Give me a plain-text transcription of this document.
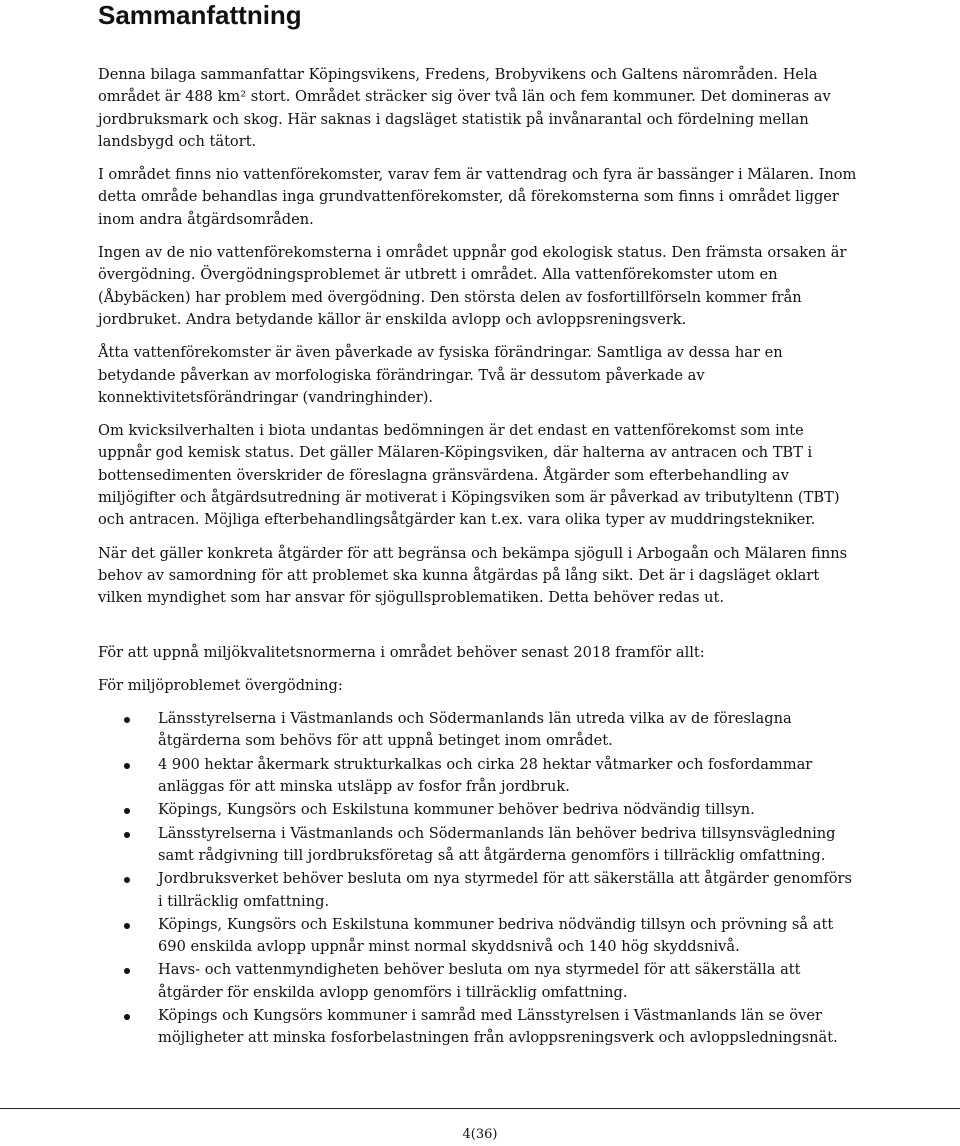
Sammanfattning

Denna bilaga sammanfattar Köpingsvikens, Fredens, Brobyvikens och Galtens närområden. Hela området är 488 km² stort. Området sträcker sig över två län och fem kommuner. Det domineras av jordbruksmark och skog. Här saknas i dagsläget statistik på invånarantal och fördelning mellan landsbygd och tätort.

I området finns nio vattenförekomster, varav fem är vattendrag och fyra är bassänger i Mälaren. Inom detta område behandlas inga grundvattenförekomster, då förekomsterna som finns i området ligger inom andra åtgärdsområden.

Ingen av de nio vattenförekomsterna i området uppnår god ekologisk status. Den främsta orsaken är övergödning. Övergödningsproblemet är utbrett i området. Alla vattenförekomster utom en (Åbybäcken) har problem med övergödning. Den största delen av fosfortillförseln kommer från jordbruket. Andra betydande källor är enskilda avlopp och avloppsreningsverk.

Åtta vattenförekomster är även påverkade av fysiska förändringar. Samtliga av dessa har en betydande påverkan av morfologiska förändringar. Två är dessutom påverkade av konnektivitetsförändringar (vandringhinder).

Om kvicksilverhalten i biota undantas bedömningen är det endast en vattenförekomst som inte uppnår god kemisk status. Det gäller Mälaren-Köpingsviken, där halterna av antracen och TBT i bottensedimenten överskrider de föreslagna gränsvärdena. Åtgärder som efterbehandling av miljögifter och åtgärdsutredning är motiverat i Köpingsviken som är påverkad av tributyltenn (TBT) och antracen. Möjliga efterbehandlingsåtgärder kan t.ex. vara olika typer av muddringstekniker.

När det gäller konkreta åtgärder för att begränsa och bekämpa sjögull i Arbogaån och Mälaren finns behov av samordning för att problemet ska kunna åtgärdas på lång sikt. Det är i dagsläget oklart vilken myndighet som har ansvar för sjögullsproblematiken. Detta behöver redas ut.

För att uppnå miljökvalitetsnormerna i området behöver senast 2018 framför allt:

För miljöproblemet övergödning:

Länsstyrelserna i Västmanlands och Södermanlands län utreda vilka av de föreslagna åtgärderna som behövs för att uppnå betinget inom området.
4 900 hektar åkermark strukturkalkas och cirka 28 hektar våtmarker och fosfordammar anläggas för att minska utsläpp av fosfor från jordbruk.
Köpings, Kungsörs och Eskilstuna kommuner behöver bedriva nödvändig tillsyn.
Länsstyrelserna i Västmanlands och Södermanlands län behöver bedriva tillsynsvägledning samt rådgivning till jordbruksföretag så att åtgärderna genomförs i tillräcklig omfattning.
Jordbruksverket behöver besluta om nya styrmedel för att säkerställa att åtgärder genomförs i tillräcklig omfattning.
Köpings, Kungsörs och Eskilstuna kommuner bedriva nödvändig tillsyn och prövning så att 690 enskilda avlopp uppnår minst normal skyddsnivå och 140 hög skyddsnivå.
Havs- och vattenmyndigheten behöver besluta om nya styrmedel för att säkerställa att åtgärder för enskilda avlopp genomförs i tillräcklig omfattning.
Köpings och Kungsörs kommuner i samråd med Länsstyrelsen i Västmanlands län se över möjligheter att minska fosforbelastningen från avloppsreningsverk och avloppsledningsnät.
4(36)
